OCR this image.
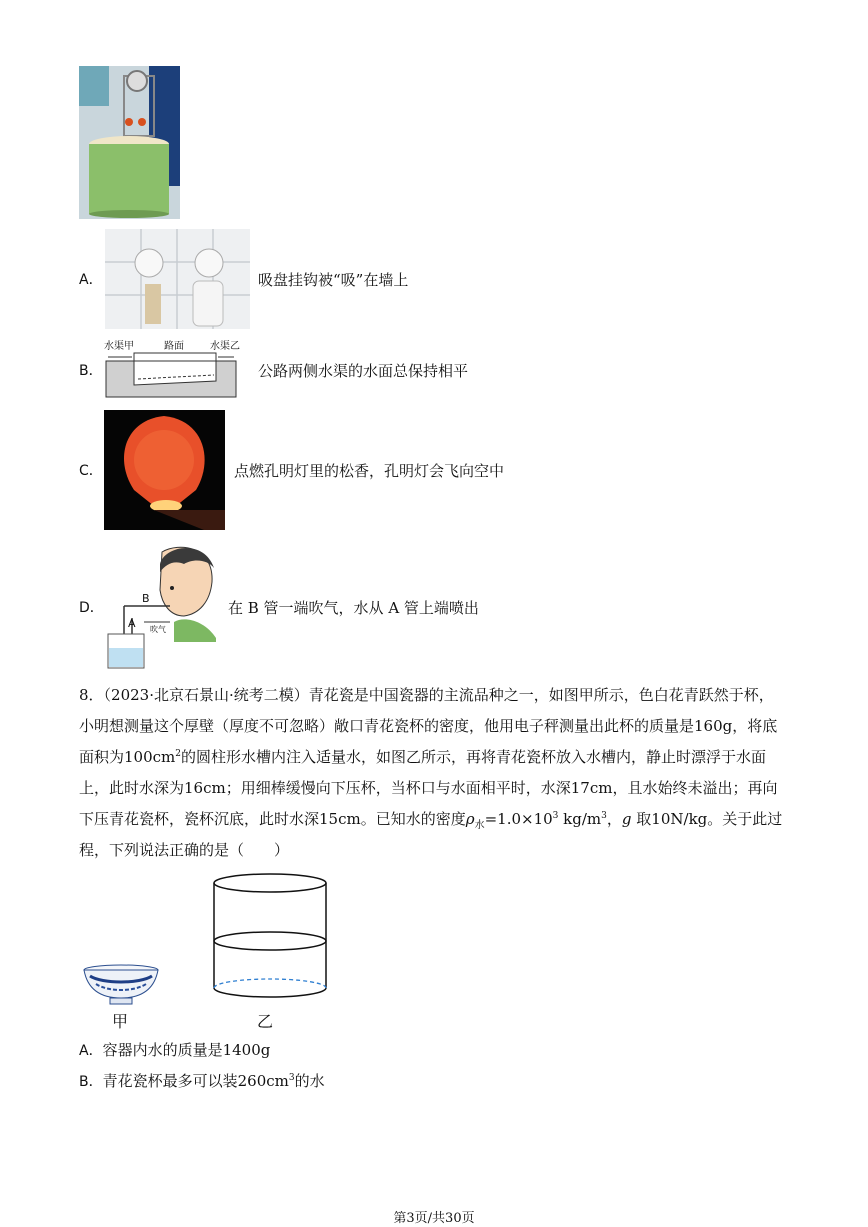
A．	吸盘挂钩被“吸”在墙上
B．
水渠甲	路面	水渠乙
公路两侧水渠的水面总保持相平
C．	点燃孔明灯里的松香，孔明灯会飞向空中
D．
B
A 吹气
在 B 管一端吹气，水从 A 管上端喷出
8．（2023·北京石景山·统考二模）青花瓷是中国瓷器的主流品种之一，如图甲所示，色白花青跃然于杯，
小明想测量这个厚壁（厚度不可忽略）敞口青花瓷杯的密度，他用电子秤测量出此杯的质量是160g，将底
面积为$100cm^2$的圆柱形水槽内注入适量水，如图乙所示，再将青花瓷杯放入水槽内，静止时漂浮于水面
上，此时水深为16cm；用细棒缓慢向下压杯，当杯口与水面相平时，水深17cm，且水始终未溢出；再向
下压青花瓷杯，瓷杯沉底，此时水深15cm。已知水的密度$\rho_水=1.0\times 10^3$ $kg/m^3$，g 取10N/kg。关于此过
程，下列说法正确的是（　　）
甲	乙
A．容器内水的质量是1400g
B．青花瓷杯最多可以装$260cm^3$的水
第3页/共30页
